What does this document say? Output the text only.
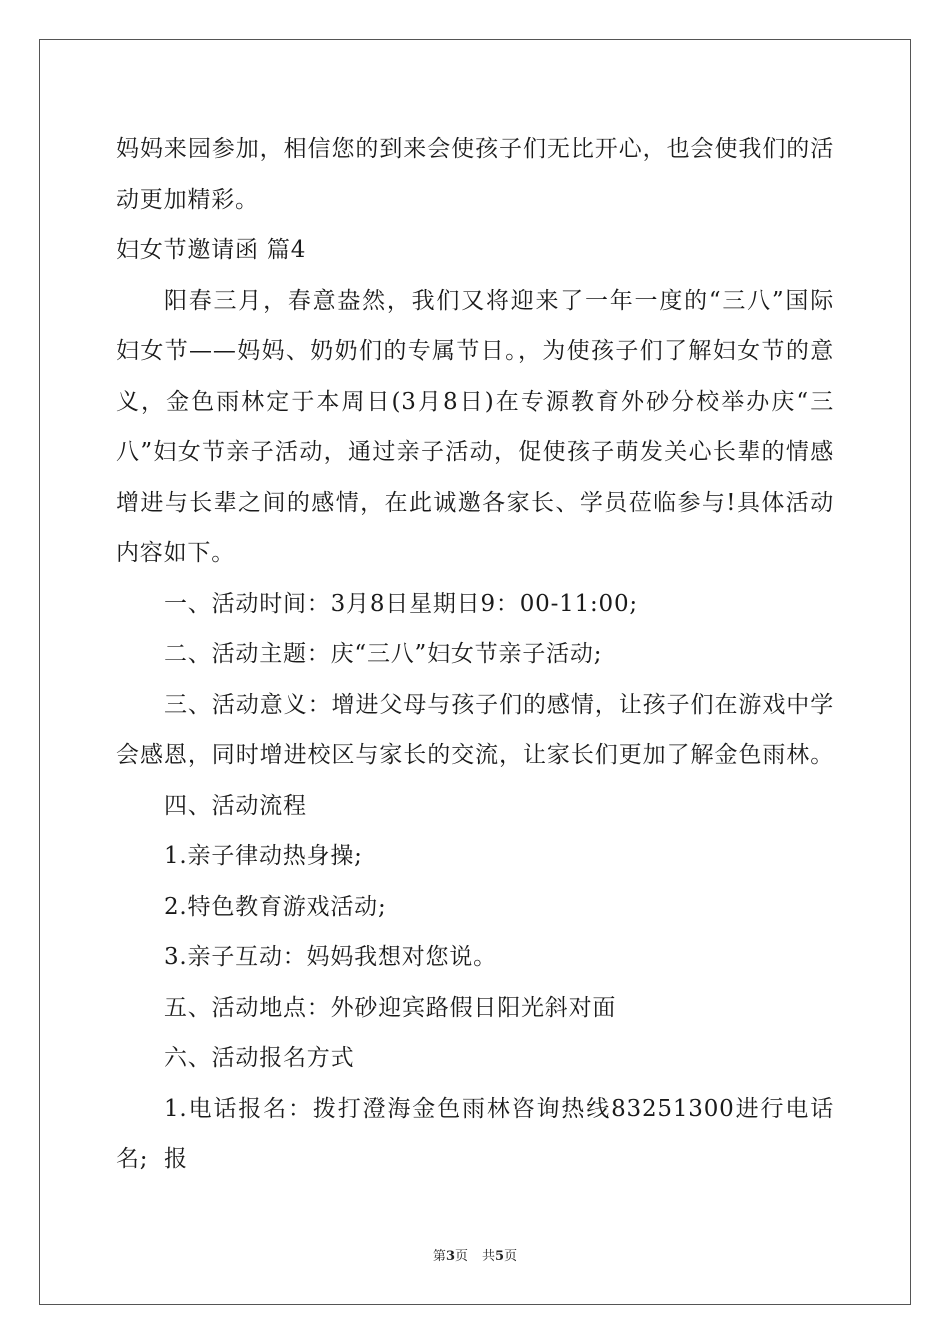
妈妈来园参加，相信您的到来会使孩子们无比开心，也会使我们的活
动更加精彩。
妇女节邀请函 篇4
阳春三月，春意盎然，我们又将迎来了一年一度的“三八”国际
妇女节——妈妈、奶奶们的专属节日。，为使孩子们了解妇女节的意
义，金色雨林定于本周日(3月8日)在专源教育外砂分校举办庆“三
八”妇女节亲子活动，通过亲子活动，促使孩子萌发关心长辈的情感
增进与长辈之间的感情，在此诚邀各家长、学员莅临参与!具体活动
内容如下。
一、活动时间：3月8日星期日9：00-11:00;
二、活动主题：庆“三八”妇女节亲子活动;
三、活动意义：增进父母与孩子们的感情，让孩子们在游戏中学
会感恩，同时增进校区与家长的交流，让家长们更加了解金色雨林。
四、活动流程
1.亲子律动热身操;
2.特色教育游戏活动;
3.亲子互动：妈妈我想对您说。
五、活动地点：外砂迎宾路假日阳光斜对面
六、活动报名方式
1.电话报名：拨打澄海金色雨林咨询热线83251300进行电话报
名;
第3页 共5页
